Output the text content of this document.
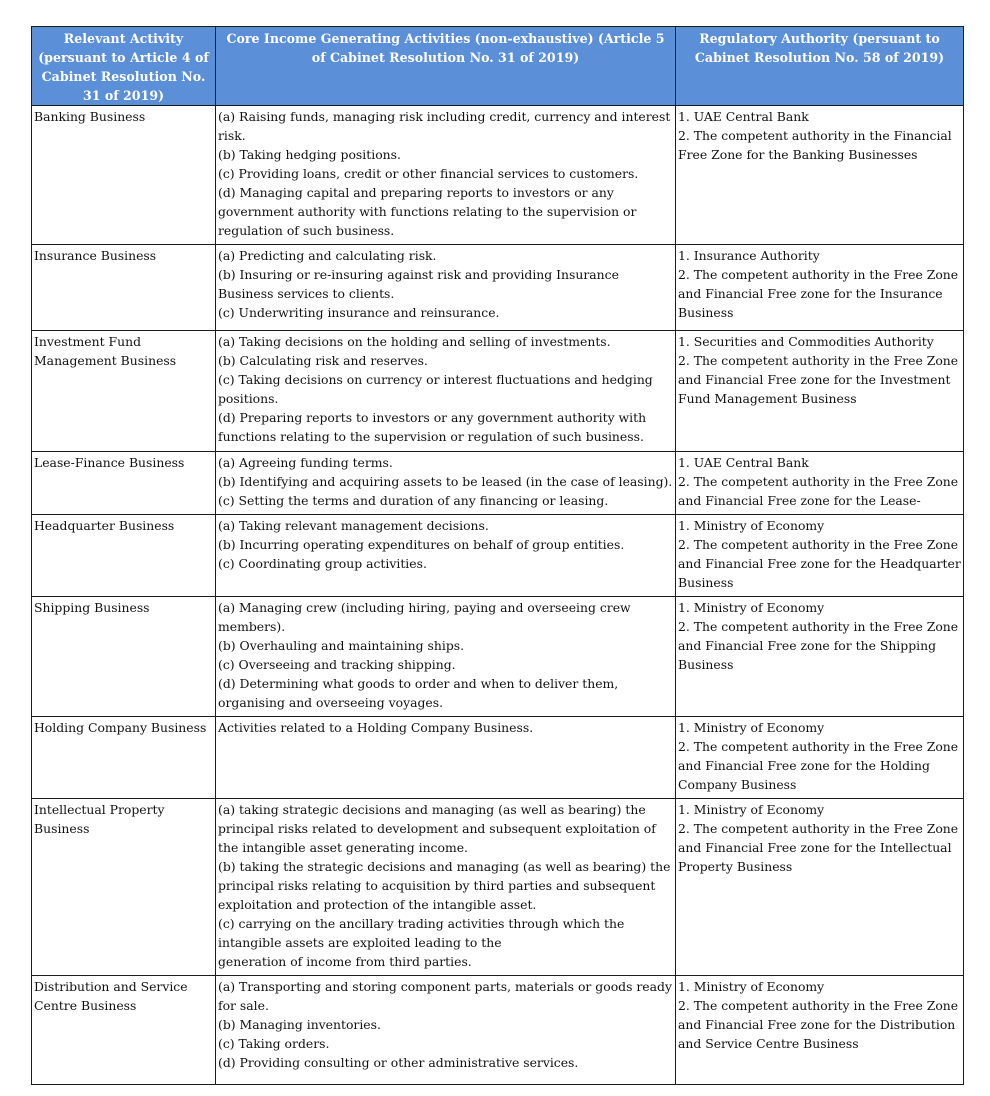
Relevant Activity (persuant to Article 4 of Cabinet Resolution No. 31 of 2019)	Core Income Generating Activities (non-exhaustive) (Article 5 of Cabinet Resolution No. 31 of 2019)	Regulatory Authority (persuant to Cabinet Resolution No. 58 of 2019)
Banking Business	(a) Raising funds, managing risk including credit, currency and interest risk.
(b) Taking hedging positions.
(c) Providing loans, credit or other financial services to customers.
(d) Managing capital and preparing reports to investors or any government authority with functions relating to the supervision or regulation of such business.	1. UAE Central Bank
2. The competent authority in the Financial Free Zone for the Banking Businesses

Insurance Business	(a) Predicting and calculating risk.
(b) Insuring or re-insuring against risk and providing Insurance Business services to clients.
(c) Underwriting insurance and reinsurance.	1. Insurance Authority
2. The competent authority in the Free Zone and Financial Free zone for the Insurance Business

Investment Fund Management Business	(a) Taking decisions on the holding and selling of investments.
(b) Calculating risk and reserves.
(c) Taking decisions on currency or interest fluctuations and hedging positions.
(d) Preparing reports to investors or any government authority with functions relating to the supervision or regulation of such business.	1. Securities and Commodities Authority
2. The competent authority in the Free Zone and Financial Free zone for the Investment Fund Management Business

Lease-Finance Business	(a) Agreeing funding terms.
(b) Identifying and acquiring assets to be leased (in the case of leasing).
(c) Setting the terms and duration of any financing or leasing.	1. UAE Central Bank
2. The competent authority in the Free Zone and Financial Free zone for the Lease-

Headquarter Business	(a) Taking relevant management decisions.
(b) Incurring operating expenditures on behalf of group entities.
(c) Coordinating group activities.	1. Ministry of Economy
2. The competent authority in the Free Zone and Financial Free zone for the Headquarter Business

Shipping Business	(a) Managing crew (including hiring, paying and overseeing crew members).
(b) Overhauling and maintaining ships.
(c) Overseeing and tracking shipping.
(d) Determining what goods to order and when to deliver them, organising and overseeing voyages.	1. Ministry of Economy
2. The competent authority in the Free Zone and Financial Free zone for the Shipping Business

Holding Company Business	Activities related to a Holding Company Business.	1. Ministry of Economy
2. The competent authority in the Free Zone and Financial Free zone for the Holding Company Business

Intellectual Property Business	(a) taking strategic decisions and managing (as well as bearing) the principal risks related to development and subsequent exploitation of the intangible asset generating income.
(b) taking the strategic decisions and managing (as well as bearing) the principal risks relating to acquisition by third parties and subsequent exploitation and protection of the intangible asset.
(c) carrying on the ancillary trading activities through which the intangible assets are exploited leading to the
generation of income from third parties.	1. Ministry of Economy
2. The competent authority in the Free Zone and Financial Free zone for the Intellectual Property Business

Distribution and Service Centre Business	(a) Transporting and storing component parts, materials or goods ready for sale.
(b) Managing inventories.
(c) Taking orders.
(d) Providing consulting or other administrative services.	1. Ministry of Economy
2. The competent authority in the Free Zone and Financial Free zone for the Distribution and Service Centre Business
